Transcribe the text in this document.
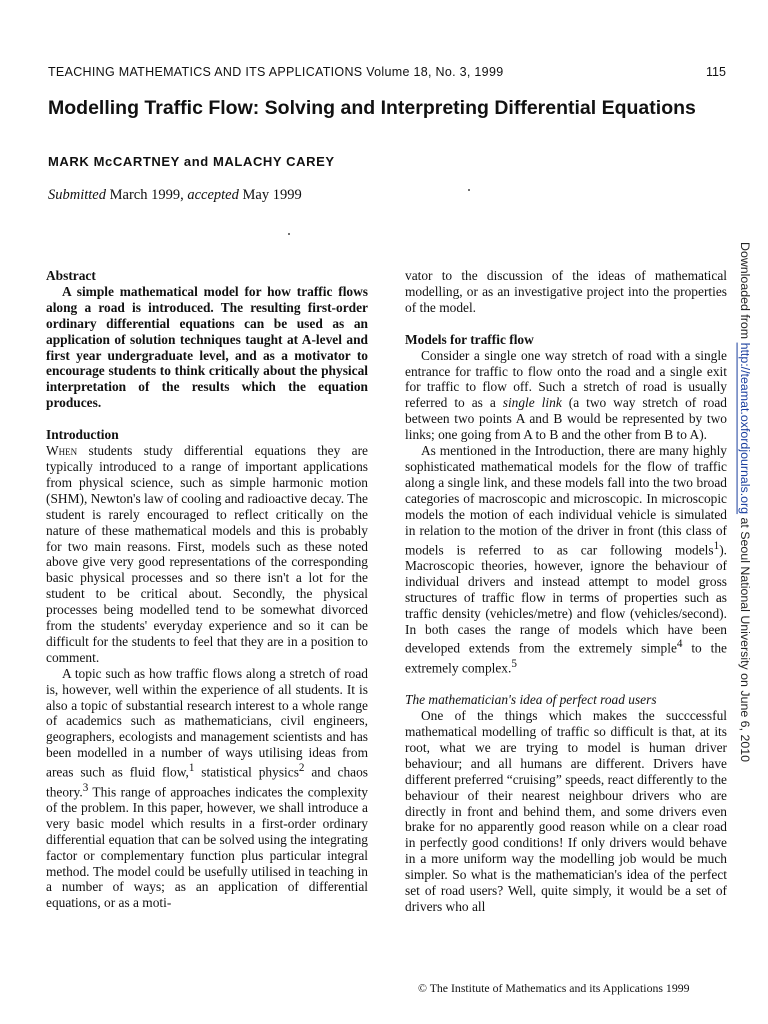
TEACHING MATHEMATICS AND ITS APPLICATIONS Volume 18, No. 3, 1999	115
Modelling Traffic Flow: Solving and Interpreting Differential Equations
MARK McCARTNEY and MALACHY CAREY
Submitted March 1999, accepted May 1999

Abstract

A simple mathematical model for how traffic flows along a road is introduced. The resulting first-order ordinary differential equations can be used as an application of solution techniques taught at A-level and first year undergraduate level, and as a motivator to encourage students to think critically about the physical interpretation of the results which the equation produces.

Introduction

When students study differential equations they are typically introduced to a range of important applications from physical science, such as simple harmonic motion (SHM), Newton's law of cooling and radioactive decay. The student is rarely encouraged to reflect critically on the nature of these mathematical models and this is probably for two main reasons. First, models such as these noted above give very good representations of the corresponding basic physical processes and so there isn't a lot for the student to be critical about. Secondly, the physical processes being modelled tend to be somewhat divorced from the students' everyday experience and so it can be difficult for the students to feel that they are in a position to comment.

A topic such as how traffic flows along a stretch of road is, however, well within the experience of all students. It is also a topic of substantial research interest to a whole range of academics such as mathematicians, civil engineers, geographers, ecologists and management scientists and has been modelled in a number of ways utilising ideas from areas such as fluid flow,$^1$ statistical physics$^2$ and chaos theory.$^3$ This range of approaches indicates the complexity of the problem. In this paper, however, we shall introduce a very basic model which results in a first-order ordinary differential equation that can be solved using the integrating factor or complementary function plus particular integral method. The model could be usefully utilised in teaching in a number of ways; as an application of differential equations, or as a moti-

vator to the discussion of the ideas of mathematical modelling, or as an investigative project into the properties of the model.

Models for traffic flow

Consider a single one way stretch of road with a single entrance for traffic to flow onto the road and a single exit for traffic to flow off. Such a stretch of road is usually referred to as a single link (a two way stretch of road between two points A and B would be represented by two links; one going from A to B and the other from B to A).

As mentioned in the Introduction, there are many highly sophisticated mathematical models for the flow of traffic along a single link, and these models fall into the two broad categories of macroscopic and microscopic. In microscopic models the motion of each individual vehicle is simulated in relation to the motion of the driver in front (this class of models is referred to as car following models$^1$). Macroscopic theories, however, ignore the behaviour of individual drivers and instead attempt to model gross structures of traffic flow in terms of properties such as traffic density (vehicles/metre) and flow (vehicles/second). In both cases the range of models which have been developed extends from the extremely simple$^4$ to the extremely complex.$^5$

The mathematician's idea of perfect road users

One of the things which makes the succcessful mathematical modelling of traffic so difficult is that, at its root, what we are trying to model is human driver behaviour; and all humans are different. Drivers have different preferred “cruising” speeds, react differently to the behaviour of their nearest neighbour drivers who are directly in front and behind them, and some drivers even brake for no apparently good reason while on a clear road in perfectly good conditions! If only drivers would behave in a more uniform way the modelling job would be much simpler. So what is the mathematician's idea of the perfect set of road users? Well, quite simply, it would be a set of drivers who all

Downloaded from http://teamat.oxfordjournals.org at Seoul National University on June 6, 2010
© The Institute of Mathematics and its Applications 1999
